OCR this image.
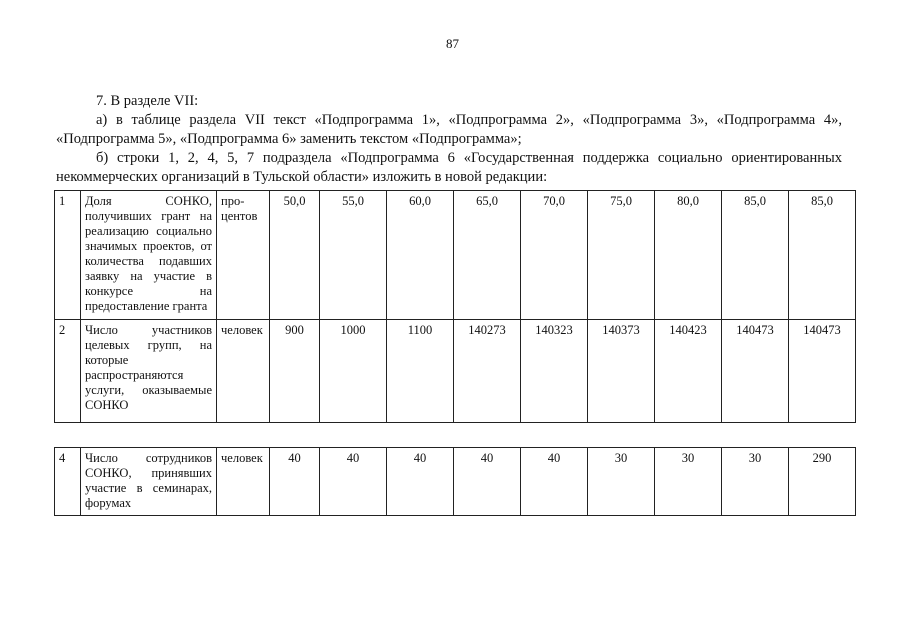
87

7. В разделе VII:

а) в таблице раздела VII текст «Подпрограмма 1», «Подпрограмма 2», «Подпрограмма 3», «Подпрограмма 4», «Подпрограмма 5», «Подпрограмма 6» заменить текстом «Подпрограмма»;

б) строки 1, 2, 4, 5, 7 подраздела «Подпрограмма 6 «Государственная поддержка социально ориентированных некоммерческих организаций в Тульской области» изложить в новой редакции:

1	Доля СОНКО, получивших грант на реализацию социально значимых проектов, от количества подавших заявку на участие в конкурсе на предоставление гранта	про- центов	50,0	55,0	60,0	65,0	70,0	75,0	80,0	85,0	85,0
2	Число участников целевых групп, на которые распространяются услуги, оказываемые СОНКО	человек	900	1000	1100	140273	140323	140373	140423	140473	140473
4	Число сотрудников СОНКО, принявших участие в семинарах, форумах	человек	40	40	40	40	40	30	30	30	290
